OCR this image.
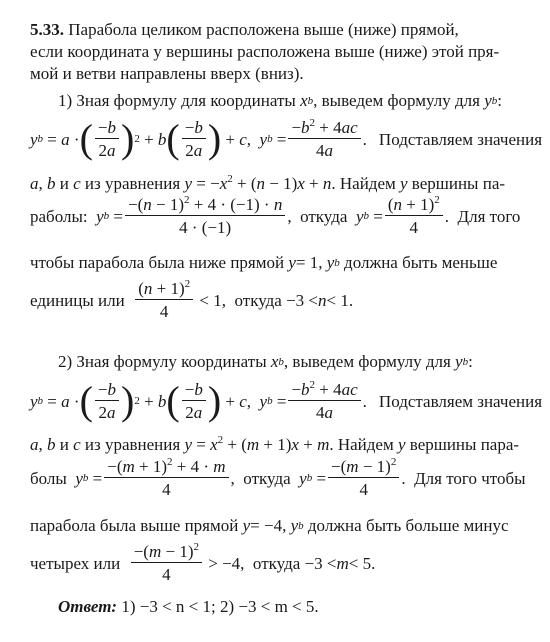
5.33. Парабола целиком расположена выше (ниже) прямой,
если координата у вершины расположена выше (ниже) этой пря-
мой и ветви направлены вверх (вниз).
1) Зная формулу для координаты
x b , выведем формулу для
y b :
y b = a · ( $\frac{-b}{2a}$ ) 2 + b ( $\frac{-b}{2a}$ ) + c , y $b = \frac{-b^2 + 4ac}{4a}$ . Подставляем значения
a, b и c из уравнения $y = -x^2 + (n - 1)x + n$. Найдем y вершины па-
раболы:
y $b = \frac{-(n - 1)^2 + 4 \cdot (-1) \cdot n}{4 \cdot (-1)}$ , откуда
y $b = \frac{(n + 1)^2}{4}$ . Для того
чтобы парабола была ниже прямой
y = 1, y b
должна быть меньше
единицы или
$\frac{(n + 1)^2}{4} < 1$, откуда −3 < n < 1.
2) Зная формулу координаты
x b , выведем формулу для
y b :
y b = a · ( $\frac{-b}{2a}$ ) 2 + b ( $\frac{-b}{2a}$ ) + c , y $b = \frac{-b^2 + 4ac}{4a}$ . Подставляем значения
a, b и c из уравнения $y = x^2 + (m + 1)x + m$. Найдем y вершины пара-
болы
y $b = \frac{-(m + 1)^2 + 4 \cdot m}{4}$ , откуда
y $b = \frac{-(m - 1)^2}{4}$ . Для того чтобы
парабола была выше прямой
y = −4, y b
должна быть больше минус
четырех или
$\frac{-(m - 1)^2}{4} > -4$, откуда −3 < m < 5.
Ответ:
1) −3 < n < 1; 2) −3 < m < 5.
